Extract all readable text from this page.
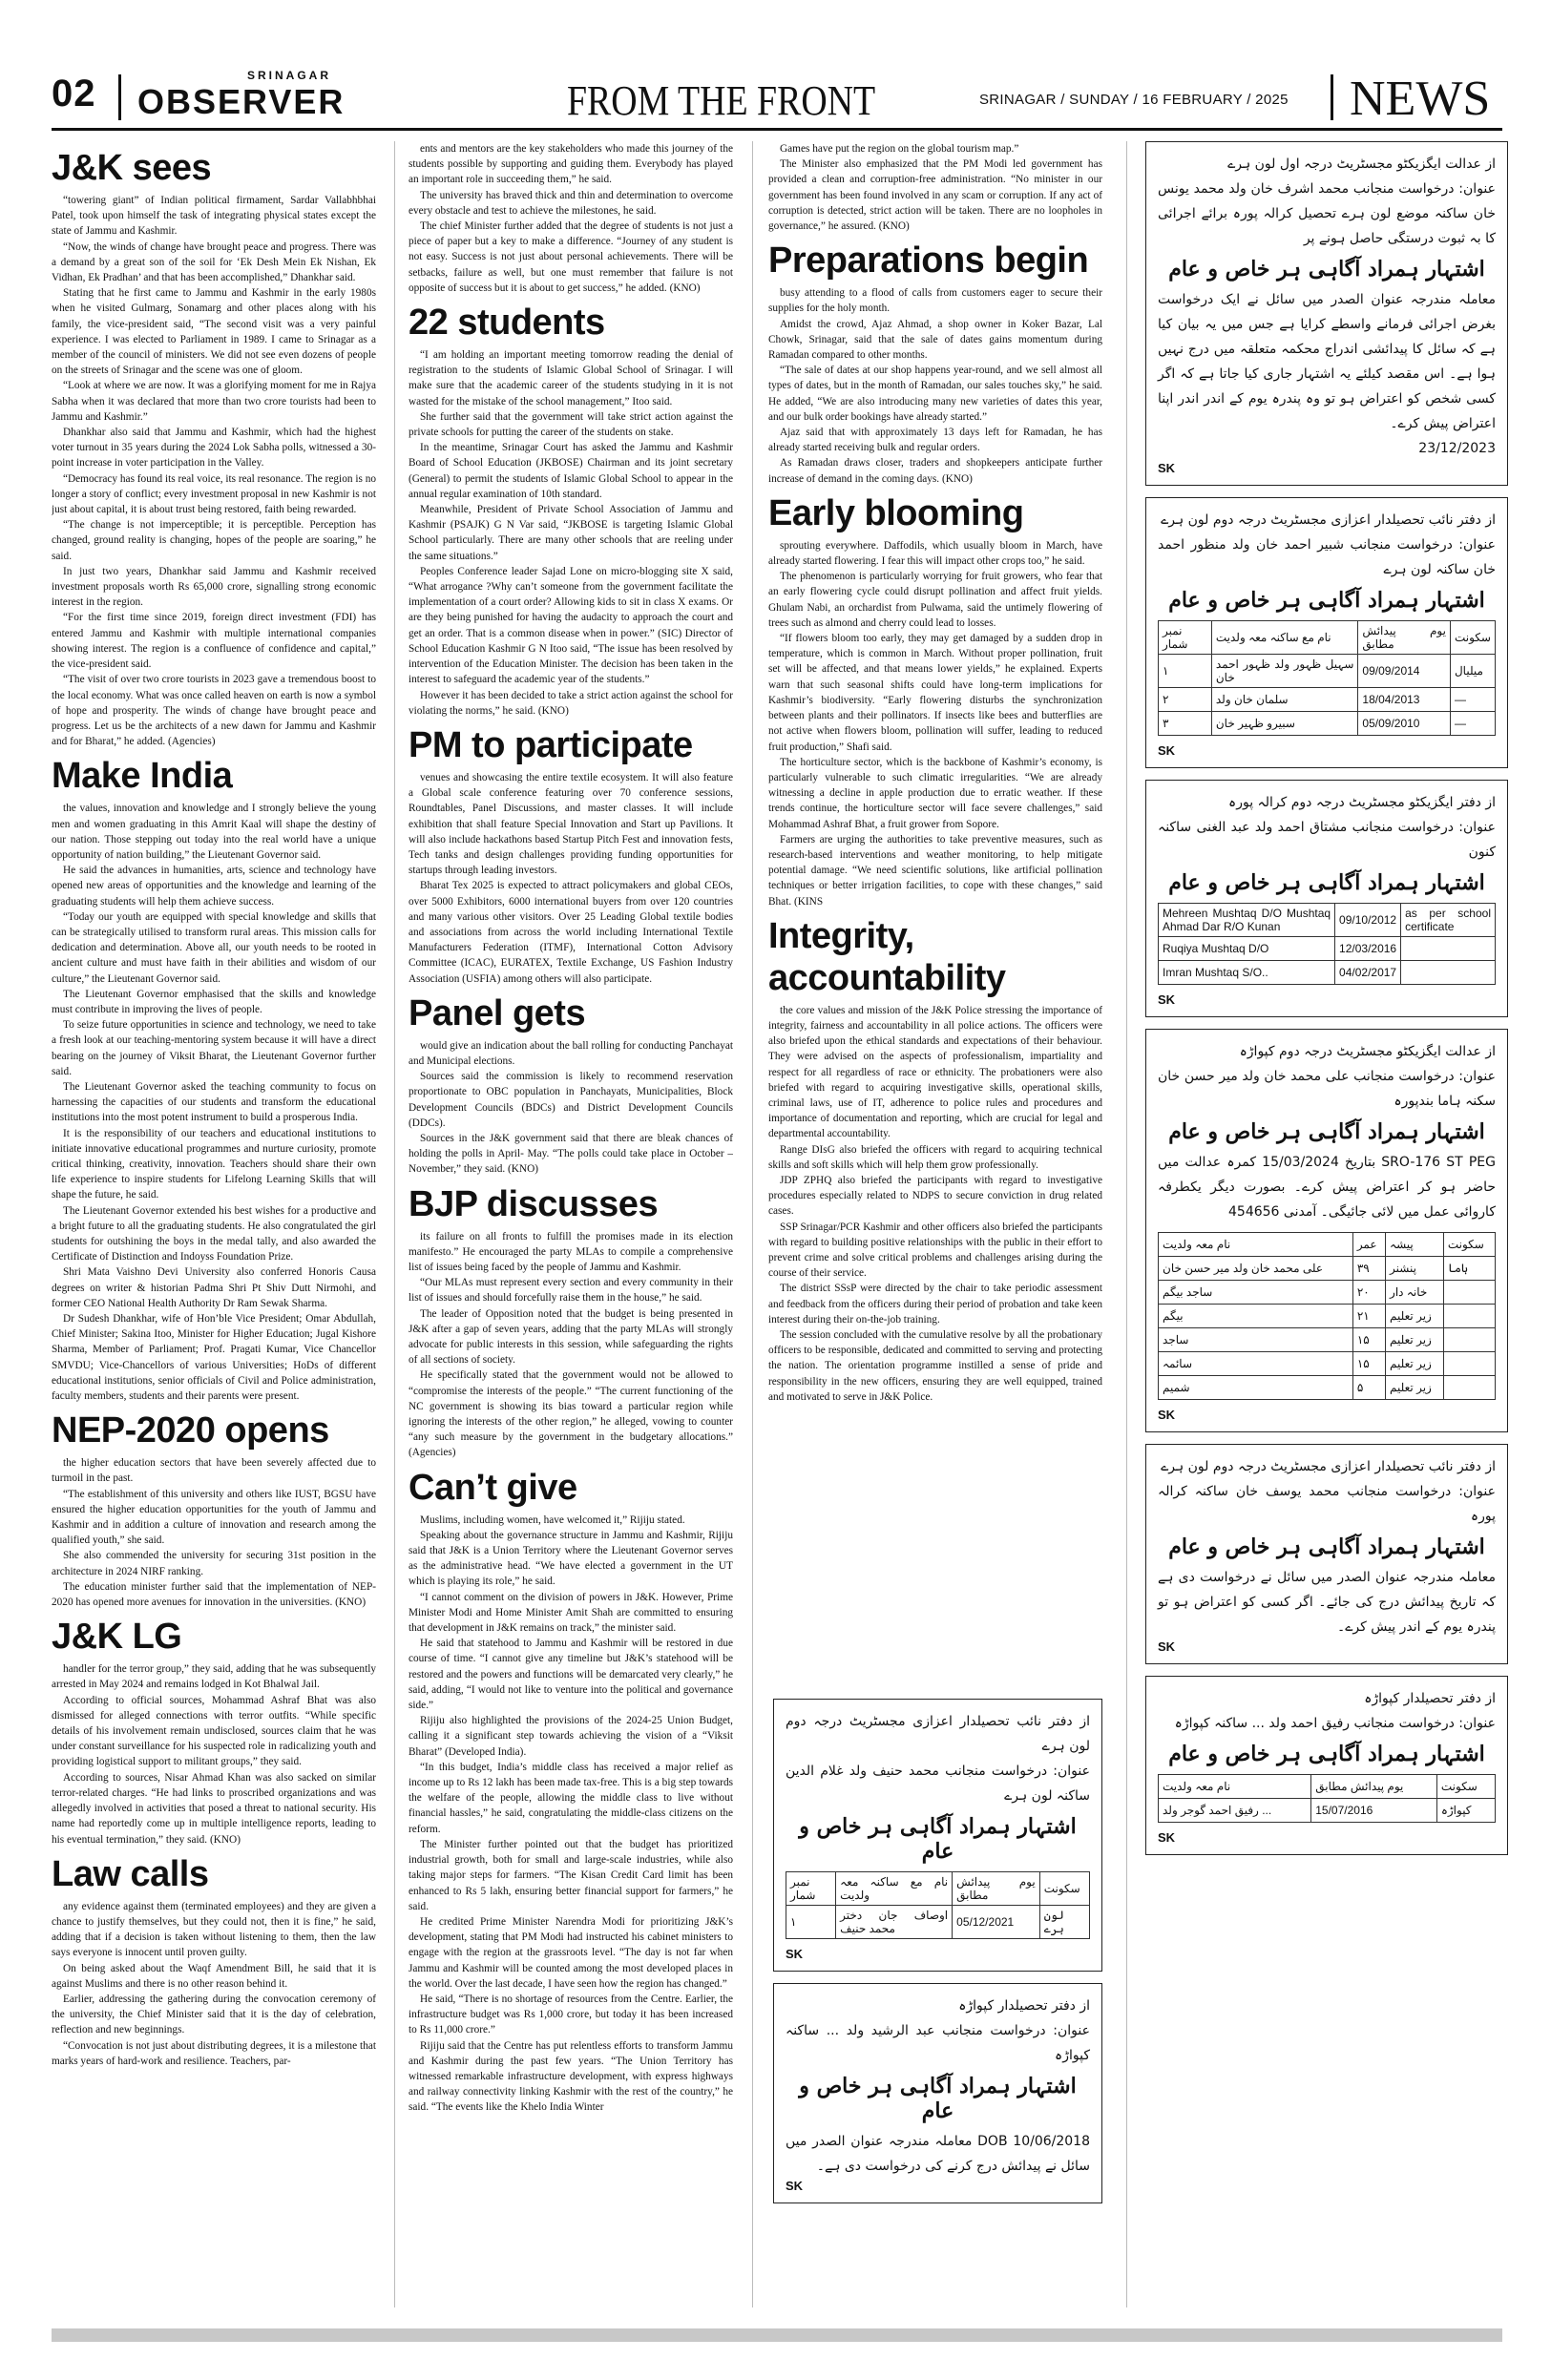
02	SRINAGAR
OBSERVER	FROM THE FRONT	SRINAGAR / SUNDAY / 16 FEBRUARY / 2025 NEWS
J&K sees

“towering giant” of Indian political firmament, Sardar Vallabhbhai Patel, took upon himself the task of integrating physical states except the state of Jammu and Kashmir.

“Now, the winds of change have brought peace and progress. There was a demand by a great son of the soil for ‘Ek Desh Mein Ek Nishan, Ek Vidhan, Ek Pradhan’ and that has been accomplished,” Dhankhar said.

Stating that he first came to Jammu and Kashmir in the early 1980s when he visited Gulmarg, Sonamarg and other places along with his family, the vice-president said, “The second visit was a very painful experience. I was elected to Parliament in 1989. I came to Srinagar as a member of the council of ministers. We did not see even dozens of people on the streets of Srinagar and the scene was one of gloom.

“Look at where we are now. It was a glorifying moment for me in Rajya Sabha when it was declared that more than two crore tourists had been to Jammu and Kashmir.”

Dhankhar also said that Jammu and Kashmir, which had the highest voter turnout in 35 years during the 2024 Lok Sabha polls, witnessed a 30-point increase in voter participation in the Valley.

“Democracy has found its real voice, its real resonance. The region is no longer a story of conflict; every investment proposal in new Kashmir is not just about capital, it is about trust being restored, faith being rewarded.

“The change is not imperceptible; it is perceptible. Perception has changed, ground reality is changing, hopes of the people are soaring,” he said.

In just two years, Dhankhar said Jammu and Kashmir received investment proposals worth Rs 65,000 crore, signalling strong economic interest in the region.

“For the first time since 2019, foreign direct investment (FDI) has entered Jammu and Kashmir with multiple international companies showing interest. The region is a confluence of confidence and capital,” the vice-president said.

“The visit of over two crore tourists in 2023 gave a tremendous boost to the local economy. What was once called heaven on earth is now a symbol of hope and prosperity. The winds of change have brought peace and progress. Let us be the architects of a new dawn for Jammu and Kashmir and for Bharat,” he added. (Agencies)

Make India

the values, innovation and knowledge and I strongly believe the young men and women graduating in this Amrit Kaal will shape the destiny of our nation. Those stepping out today into the real world have a unique opportunity of nation building,” the Lieutenant Governor said.

He said the advances in humanities, arts, science and technology have opened new areas of opportunities and the knowledge and learning of the graduating students will help them achieve success.

“Today our youth are equipped with special knowledge and skills that can be strategically utilised to transform rural areas. This mission calls for dedication and determination. Above all, our youth needs to be rooted in ancient culture and must have faith in their abilities and wisdom of our culture,” the Lieutenant Governor said.

The Lieutenant Governor emphasised that the skills and knowledge must contribute in improving the lives of people.

To seize future opportunities in science and technology, we need to take a fresh look at our teaching-mentoring system because it will have a direct bearing on the journey of Viksit Bharat, the Lieutenant Governor further said.

The Lieutenant Governor asked the teaching community to focus on harnessing the capacities of our students and transform the educational institutions into the most potent instrument to build a prosperous India.

It is the responsibility of our teachers and educational institutions to initiate innovative educational programmes and nurture curiosity, promote critical thinking, creativity, innovation. Teachers should share their own life experience to inspire students for Lifelong Learning Skills that will shape the future, he said.

The Lieutenant Governor extended his best wishes for a productive and a bright future to all the graduating students. He also congratulated the girl students for outshining the boys in the medal tally, and also awarded the Certificate of Distinction and Indoyss Foundation Prize.

Shri Mata Vaishno Devi University also conferred Honoris Causa degrees on writer & historian Padma Shri Pt Shiv Dutt Nirmohi, and former CEO National Health Authority Dr Ram Sewak Sharma.

Dr Sudesh Dhankhar, wife of Hon’ble Vice President; Omar Abdullah, Chief Minister; Sakina Itoo, Minister for Higher Education; Jugal Kishore Sharma, Member of Parliament; Prof. Pragati Kumar, Vice Chancellor SMVDU; Vice-Chancellors of various Universities; HoDs of different educational institutions, senior officials of Civil and Police administration, faculty members, students and their parents were present.

NEP-2020 opens

the higher education sectors that have been severely affected due to turmoil in the past.

“The establishment of this university and others like IUST, BGSU have ensured the higher education opportunities for the youth of Jammu and Kashmir and in addition a culture of innovation and research among the qualified youth,” she said.

She also commended the university for securing 31st position in the architecture in 2024 NIRF ranking.

The education minister further said that the implementation of NEP-2020 has opened more avenues for innovation in the universities. (KNO)

J&K LG

handler for the terror group,” they said, adding that he was subsequently arrested in May 2024 and remains lodged in Kot Bhalwal Jail.

According to official sources, Mohammad Ashraf Bhat was also dismissed for alleged connections with terror outfits. “While specific details of his involvement remain undisclosed, sources claim that he was under constant surveillance for his suspected role in radicalizing youth and providing logistical support to militant groups,” they said.

According to sources, Nisar Ahmad Khan was also sacked on similar terror-related charges. “He had links to proscribed organizations and was allegedly involved in activities that posed a threat to national security. His name had reportedly come up in multiple intelligence reports, leading to his eventual termination,” they said. (KNO)

Law calls

any evidence against them (terminated employees) and they are given a chance to justify themselves, but they could not, then it is fine,” he said, adding that if a decision is taken without listening to them, then the law says everyone is innocent until proven guilty.

On being asked about the Waqf Amendment Bill, he said that it is against Muslims and there is no other reason behind it.

Earlier, addressing the gathering during the convocation ceremony of the university, the Chief Minister said that it is the day of celebration, reflection and new beginnings.

“Convocation is not just about distributing degrees, it is a milestone that marks years of hard-work and resilience. Teachers, par-

ents and mentors are the key stakeholders who made this journey of the students possible by supporting and guiding them. Everybody has played an important role in succeeding them,” he said.

The university has braved thick and thin and determination to overcome every obstacle and test to achieve the milestones, he said.

The chief Minister further added that the degree of students is not just a piece of paper but a key to make a difference. “Journey of any student is not easy. Success is not just about personal achievements. There will be setbacks, failure as well, but one must remember that failure is not opposite of success but it is about to get success,” he added. (KNO)

22 students

“I am holding an important meeting tomorrow reading the denial of registration to the students of Islamic Global School of Srinagar. I will make sure that the academic career of the students studying in it is not wasted for the mistake of the school management,” Itoo said.

She further said that the government will take strict action against the private schools for putting the career of the students on stake.

In the meantime, Srinagar Court has asked the Jammu and Kashmir Board of School Education (JKBOSE) Chairman and its joint secretary (General) to permit the students of Islamic Global School to appear in the annual regular examination of 10th standard.

Meanwhile, President of Private School Association of Jammu and Kashmir (PSAJK) G N Var said, “JKBOSE is targeting Islamic Global School particularly. There are many other schools that are reeling under the same situations.”

Peoples Conference leader Sajad Lone on micro-blogging site X said, “What arrogance ?Why can’t someone from the government facilitate the implementation of a court order? Allowing kids to sit in class X exams. Or are they being punished for having the audacity to approach the court and get an order. That is a common disease when in power.” (SIC) Director of School Education Kashmir G N Itoo said, “The issue has been resolved by intervention of the Education Minister. The decision has been taken in the interest to safeguard the academic year of the students.”

However it has been decided to take a strict action against the school for violating the norms,” he said. (KNO)

PM to participate

venues and showcasing the entire textile ecosystem. It will also feature a Global scale conference featuring over 70 conference sessions, Roundtables, Panel Discussions, and master classes. It will include exhibition that shall feature Special Innovation and Start up Pavilions. It will also include hackathons based Startup Pitch Fest and innovation fests, Tech tanks and design challenges providing funding opportunities for startups through leading investors.

Bharat Tex 2025 is expected to attract policymakers and global CEOs, over 5000 Exhibitors, 6000 international buyers from over 120 countries and many various other visitors. Over 25 Leading Global textile bodies and associations from across the world including International Textile Manufacturers Federation (ITMF), International Cotton Advisory Committee (ICAC), EURATEX, Textile Exchange, US Fashion Industry Association (USFIA) among others will also participate.

Panel gets

would give an indication about the ball rolling for conducting Panchayat and Municipal elections.

Sources said the commission is likely to recommend reservation proportionate to OBC population in Panchayats, Municipalities, Block Development Councils (BDCs) and District Development Councils (DDCs).

Sources in the J&K government said that there are bleak chances of holding the polls in April- May. “The polls could take place in October –November,” they said. (KNO)

BJP discusses

its failure on all fronts to fulfill the promises made in its election manifesto.” He encouraged the party MLAs to compile a comprehensive list of issues being faced by the people of Jammu and Kashmir.

“Our MLAs must represent every section and every community in their list of issues and should forcefully raise them in the house,” he said.

The leader of Opposition noted that the budget is being presented in J&K after a gap of seven years, adding that the party MLAs will strongly advocate for public interests in this session, while safeguarding the rights of all sections of society.

He specifically stated that the government would not be allowed to “compromise the interests of the people.” “The current functioning of the NC government is showing its bias toward a particular region while ignoring the interests of the other region,” he alleged, vowing to counter “any such measure by the government in the budgetary allocations.” (Agencies)

Can’t give

Muslims, including women, have welcomed it,” Rijiju stated.

Speaking about the governance structure in Jammu and Kashmir, Rijiju said that J&K is a Union Territory where the Lieutenant Governor serves as the administrative head. “We have elected a government in the UT which is playing its role,” he said.

“I cannot comment on the division of powers in J&K. However, Prime Minister Modi and Home Minister Amit Shah are committed to ensuring that development in J&K remains on track,” the minister said.

He said that statehood to Jammu and Kashmir will be restored in due course of time. “I cannot give any timeline but J&K’s statehood will be restored and the powers and functions will be demarcated very clearly,” he said, adding, “I would not like to venture into the political and governance side.”

Rijiju also highlighted the provisions of the 2024-25 Union Budget, calling it a significant step towards achieving the vision of a “Viksit Bharat” (Developed India).

“In this budget, India’s middle class has received a major relief as income up to Rs 12 lakh has been made tax-free. This is a big step towards the welfare of the people, allowing the middle class to live without financial hassles,” he said, congratulating the middle-class citizens on the reform.

The Minister further pointed out that the budget has prioritized industrial growth, both for small and large-scale industries, while also taking major steps for farmers. “The Kisan Credit Card limit has been enhanced to Rs 5 lakh, ensuring better financial support for farmers,” he said.

He credited Prime Minister Narendra Modi for prioritizing J&K’s development, stating that PM Modi had instructed his cabinet ministers to engage with the region at the grassroots level. “The day is not far when Jammu and Kashmir will be counted among the most developed places in the world. Over the last decade, I have seen how the region has changed.”

He said, “There is no shortage of resources from the Centre. Earlier, the infrastructure budget was Rs 1,000 crore, but today it has been increased to Rs 11,000 crore.”

Rijiju said that the Centre has put relentless efforts to transform Jammu and Kashmir during the past few years. “The Union Territory has witnessed remarkable infrastructure development, with express highways and railway connectivity linking Kashmir with the rest of the country,” he said. “The events like the Khelo India Winter

Games have put the region on the global tourism map.”

The Minister also emphasized that the PM Modi led government has provided a clean and corruption-free administration. “No minister in our government has been found involved in any scam or corruption. If any act of corruption is detected, strict action will be taken. There are no loopholes in governance,” he assured. (KNO)

Preparations begin

busy attending to a flood of calls from customers eager to secure their supplies for the holy month.

Amidst the crowd, Ajaz Ahmad, a shop owner in Koker Bazar, Lal Chowk, Srinagar, said that the sale of dates gains momentum during Ramadan compared to other months.

“The sale of dates at our shop happens year-round, and we sell almost all types of dates, but in the month of Ramadan, our sales touches sky,” he said. He added, “We are also introducing many new varieties of dates this year, and our bulk order bookings have already started.”

Ajaz said that with approximately 13 days left for Ramadan, he has already started receiving bulk and regular orders.

As Ramadan draws closer, traders and shopkeepers anticipate further increase of demand in the coming days. (KNO)

Early blooming

sprouting everywhere. Daffodils, which usually bloom in March, have already started flowering. I fear this will impact other crops too,” he said.

The phenomenon is particularly worrying for fruit growers, who fear that an early flowering cycle could disrupt pollination and affect fruit yields. Ghulam Nabi, an orchardist from Pulwama, said the untimely flowering of trees such as almond and cherry could lead to losses.

“If flowers bloom too early, they may get damaged by a sudden drop in temperature, which is common in March. Without proper pollination, fruit set will be affected, and that means lower yields,” he explained. Experts warn that such seasonal shifts could have long-term implications for Kashmir’s biodiversity. “Early flowering disturbs the synchronization between plants and their pollinators. If insects like bees and butterflies are not active when flowers bloom, pollination will suffer, leading to reduced fruit production,” Shafi said.

The horticulture sector, which is the backbone of Kashmir’s economy, is particularly vulnerable to such climatic irregularities. “We are already witnessing a decline in apple production due to erratic weather. If these trends continue, the horticulture sector will face severe challenges,” said Mohammad Ashraf Bhat, a fruit grower from Sopore.

Farmers are urging the authorities to take preventive measures, such as research-based interventions and weather monitoring, to help mitigate potential damage. “We need scientific solutions, like artificial pollination techniques or better irrigation facilities, to cope with these changes,” said Bhat. (KINS

Integrity, accountability

the core values and mission of the J&K Police stressing the importance of integrity, fairness and accountability in all police actions. The officers were also briefed upon the ethical standards and expectations of their behaviour. They were advised on the aspects of professionalism, impartiality and respect for all regardless of race or ethnicity. The probationers were also briefed with regard to acquiring investigative skills, operational skills, criminal laws, use of IT, adherence to police rules and procedures and importance of documentation and reporting, which are crucial for legal and departmental accountability.

Range DIsG also briefed the officers with regard to acquiring technical skills and soft skills which will help them grow professionally.

JDP ZPHQ also briefed the participants with regard to investigative procedures especially related to NDPS to secure conviction in drug related cases.

SSP Srinagar/PCR Kashmir and other officers also briefed the participants with regard to building positive relationships with the public in their effort to prevent crime and solve critical problems and challenges arising during the course of their service.

The district SSsP were directed by the chair to take periodic assessment and feedback from the officers during their period of probation and take keen interest during their on-the-job training.

The session concluded with the cumulative resolve by all the probationary officers to be responsible, dedicated and committed to serving and protecting the nation. The orientation programme instilled a sense of pride and responsibility in the new officers, ensuring they are well equipped, trained and motivated to serve in J&K Police.

از عدالت ایگزیکٹو مجسٹریٹ درجہ اول لون ہرے
عنوان: درخواست منجانب محمد اشرف خان ولد محمد یونس خان ساکنہ موضع لون ہرے تحصیل کرالہ پورہ برائے اجرائی کا بہ ثبوت درستگی حاصل ہونے پر
اشتہار ہمراد آگاہی ہر خاص و عام
معاملہ مندرجہ عنوان الصدر میں سائل نے ایک درخواست بغرض اجرائی فرمانے واسطے کرایا ہے جس میں یہ بیان کیا ہے کہ سائل کا پیدائشی اندراج محکمہ متعلقہ میں درج نہیں ہوا ہے۔ اس مقصد کیلئے یہ اشتہار جاری کیا جاتا ہے کہ اگر کسی شخص کو اعتراض ہو تو وہ پندرہ یوم کے اندر اندر اپنا اعتراض پیش کرے۔
23/12/2023
SK
از دفتر نائب تحصیلدار اعزازی مجسٹریٹ درجہ دوم لون ہرے
عنوان: درخواست منجانب شبیر احمد خان ولد منظور احمد خان ساکنہ لون ہرے
اشتہار ہمراد آگاہی ہر خاص و عام
نمبر شمار	نام مع ساکنہ معہ ولدیت	یوم پیدائش مطابق	سکونت
۱	سہیل ظہور ولد ظہور احمد خان	09/09/2014	میلیال
۲	سلمان خان ولد	18/04/2013	—
۳	سبیرو ظہیر خان	05/09/2010	—
SK
از دفتر ایگزیکٹو مجسٹریٹ درجہ دوم کرالہ پورہ
عنوان: درخواست منجانب مشتاق احمد ولد عبد الغنی ساکنہ کنون
اشتہار ہمراد آگاہی ہر خاص و عام
Mehreen Mushtaq D/O Mushtaq Ahmad Dar R/O Kunan	09/10/2012	as per school certificate
Ruqiya Mushtaq D/O	12/03/2016	
Imran Mushtaq S/O..	04/02/2017	
SK
از عدالت ایگزیکٹو مجسٹریٹ درجہ دوم کپواڑہ
عنوان: درخواست منجانب علی محمد خان ولد میر حسن خان سکنہ ہاما بندپورہ
اشتہار ہمراد آگاہی ہر خاص و عام
SRO-176 ST PEG بتاریخ 15/03/2024 کمرہ عدالت میں حاضر ہو کر اعتراض پیش کرے۔ بصورت دیگر یکطرفہ کاروائی عمل میں لائی جائیگی۔ آمدنی 454656
نام معہ ولدیت	عمر	پیشہ	سکونت
علی محمد خان ولد میر حسن خان	۳۹	پنشنر	ہاما
ساجد بیگم	۲۰	خانہ دار	
بیگم	۲۱	زیر تعلیم	
ساجد	۱۵	زیر تعلیم	
سائمہ	۱۵	زیر تعلیم	
شمیم	۵	زیر تعلیم	
SK
از دفتر نائب تحصیلدار اعزازی مجسٹریٹ درجہ دوم لون ہرے
عنوان: درخواست منجانب محمد یوسف خان ساکنہ کرالہ پورہ
اشتہار ہمراد آگاہی ہر خاص و عام
معاملہ مندرجہ عنوان الصدر میں سائل نے درخواست دی ہے کہ تاریخ پیدائش درج کی جائے۔ اگر کسی کو اعتراض ہو تو پندرہ یوم کے اندر پیش کرے۔
SK
از دفتر تحصیلدار کپواڑہ
عنوان: درخواست منجانب رفیق احمد ولد ... ساکنہ کپواڑہ
اشتہار ہمراد آگاہی ہر خاص و عام
نام معہ ولدیت	یوم پیدائش مطابق	سکونت
رفیق احمد گوجر ولد ...	15/07/2016	کپواڑہ
SK
از دفتر نائب تحصیلدار اعزازی مجسٹریٹ درجہ دوم لون ہرے
عنوان: درخواست منجانب محمد حنیف ولد غلام الدین ساکنہ لون ہرے
اشتہار ہمراد آگاہی ہر خاص و عام
نمبر شمار	نام مع ساکنہ معہ ولدیت	یوم پیدائش مطابق	سکونت
۱	اوصاف جان دختر محمد حنیف	05/12/2021	لون ہرے
SK
از دفتر تحصیلدار کپواڑہ
عنوان: درخواست منجانب عبد الرشید ولد ... ساکنہ کپواڑہ
اشتہار ہمراد آگاہی ہر خاص و عام
DOB 10/06/2018 معاملہ مندرجہ عنوان الصدر میں سائل نے پیدائش درج کرنے کی درخواست دی ہے۔
SK
